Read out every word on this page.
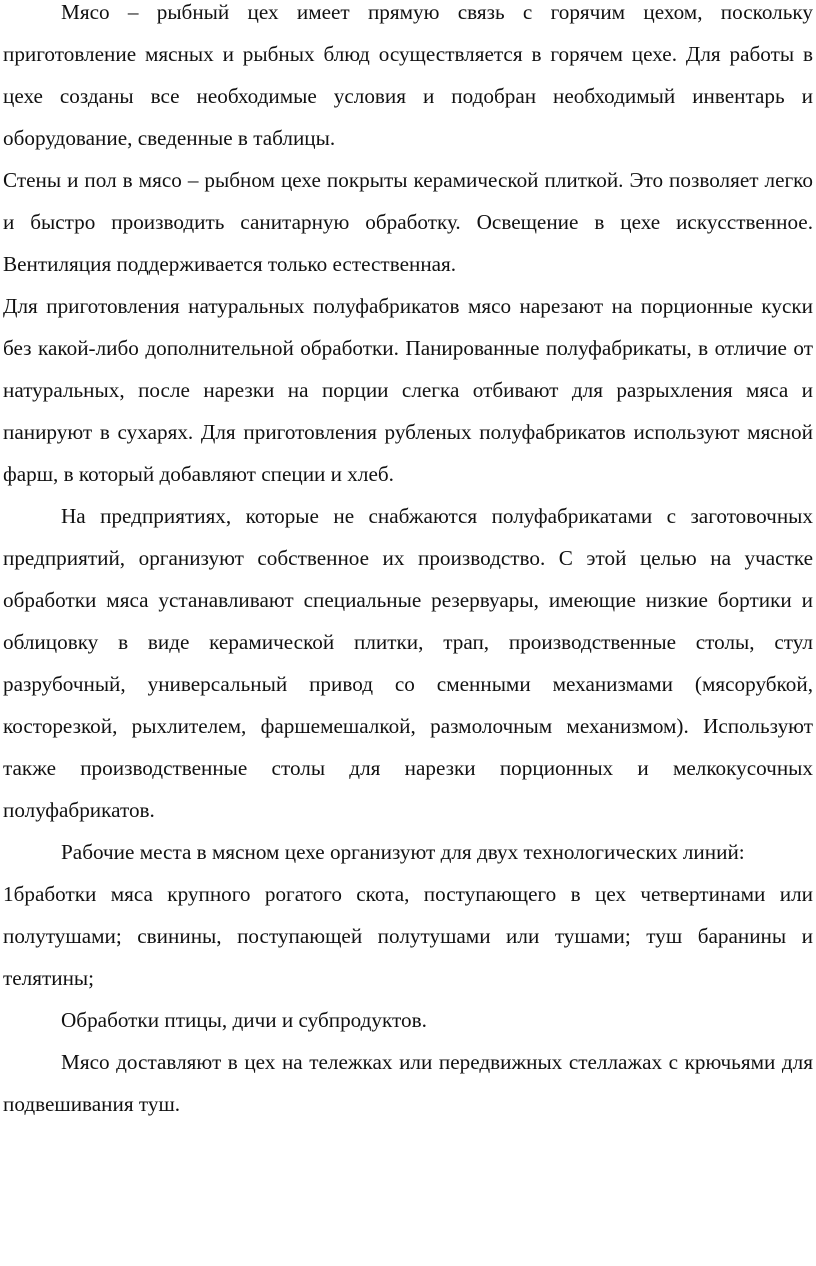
Мясо – рыбный цех имеет прямую связь с горячим цехом, поскольку приготовление мясных и рыбных блюд осуществляется в горячем цехе. Для работы в цехе созданы все необходимые условия и подобран необходимый инвентарь и оборудование, сведенные в таблицы.

Стены и пол в мясо – рыбном цехе покрыты керамической плиткой. Это позволяет легко и быстро производить санитарную обработку. Освещение в цехе искусственное. Вентиляция поддерживается только естественная.

Для приготовления натуральных полуфабрикатов мясо нарезают на порционные куски без какой-либо дополнительной обработки. Панированные полуфабрикаты, в отличие от натуральных, после нарезки на порции слегка отбивают для разрыхления мяса и панируют в сухарях. Для приготовления рубленых полуфабрикатов используют мясной фарш, в который добавляют специи и хлеб.

На предприятиях, которые не снабжаются полуфабрикатами с заготовочных предприятий, организуют собственное их производство. С этой целью на участке обработки мяса устанавливают специальные резервуары, имеющие низкие бортики и облицовку в виде керамической плитки, трап, производственные столы, стул разрубочный, универсальный привод со сменными механизмами (мясорубкой, косторезкой, рыхлителем, фаршемешалкой, размолочным механизмом). Используют также производственные столы для нарезки порционных и мелкокусочных полуфабрикатов.

Рабочие места в мясном цехе организуют для двух технологических линий:

1бработки мяса крупного рогатого скота, поступающего в цех четвертинами или полутушами; свинины, поступающей полутушами или тушами; туш баранины и телятины;

Обработки птицы, дичи и субпродуктов.

Мясо доставляют в цех на тележках или передвижных стеллажах с крючьями для подвешивания туш.
